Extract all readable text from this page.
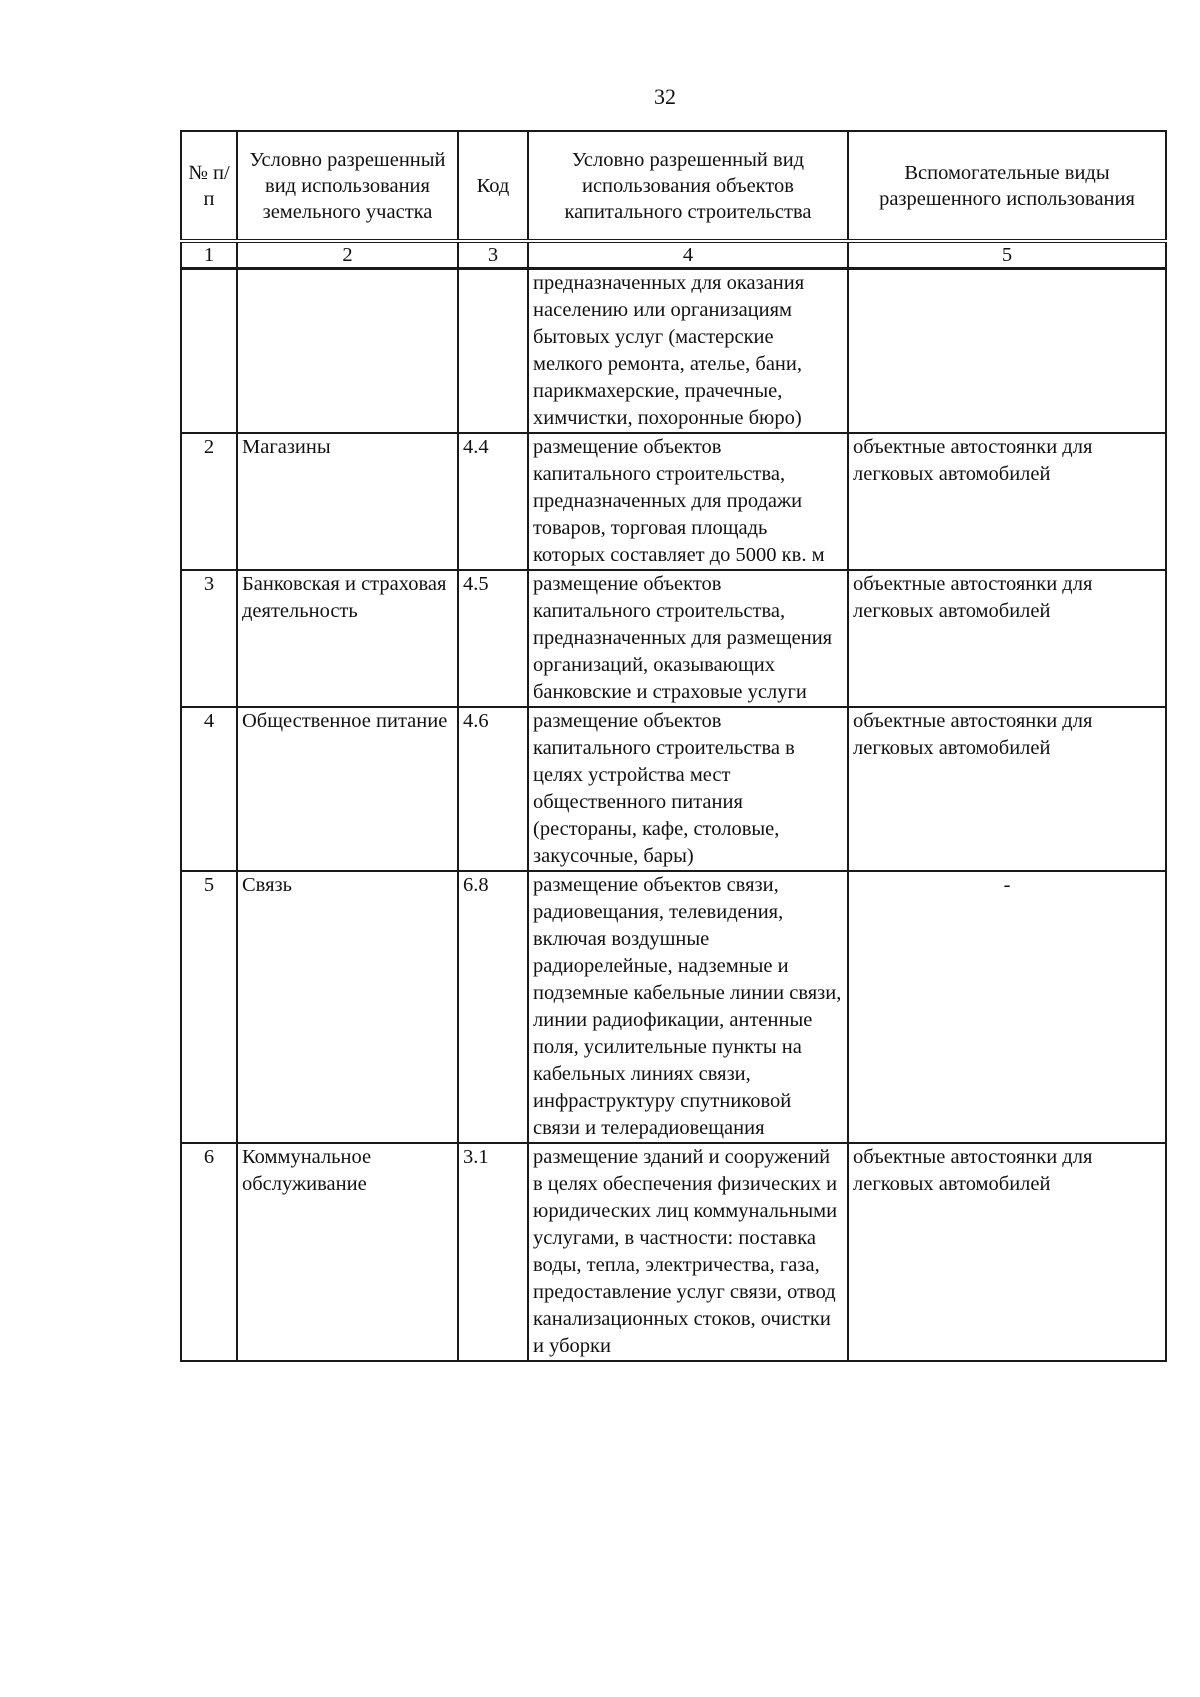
32
№ п/п	Условно разрешенный вид использования земельного участка	Код	Условно разрешенный вид использования объектов капитального строительства	Вспомогательные виды разрешенного использования
1	2	3	4	5
			предназначенных для оказания населению или организациям бытовых услуг (мастерские мелкого ремонта, ателье, бани, парикмахерские, прачечные, химчистки, похоронные бюро)	
2	Магазины	4.4	размещение объектов капитального строительства, предназначенных для продажи товаров, торговая площадь которых составляет до 5000 кв. м	объектные автостоянки для легковых автомобилей
3	Банковская и страховая деятельность	4.5	размещение объектов капитального строительства, предназначенных для размещения организаций, оказывающих банковские и страховые услуги	объектные автостоянки для легковых автомобилей
4	Общественное питание	4.6	размещение объектов капитального строительства в целях устройства мест общественного питания (рестораны, кафе, столовые, закусочные, бары)	объектные автостоянки для легковых автомобилей
5	Связь	6.8	размещение объектов связи, радиовещания, телевидения, включая воздушные радиорелейные, надземные и подземные кабельные линии связи, линии радиофикации, антенные поля, усилительные пункты на кабельных линиях связи, инфраструктуру спутниковой связи и телерадиовещания	-
6	Коммунальное обслуживание	3.1	размещение зданий и сооружений в целях обеспечения физических и юридических лиц коммунальными услугами, в частности: поставка воды, тепла, электричества, газа, предоставление услуг связи, отвод канализационных стоков, очистки и уборки	объектные автостоянки для легковых автомобилей
